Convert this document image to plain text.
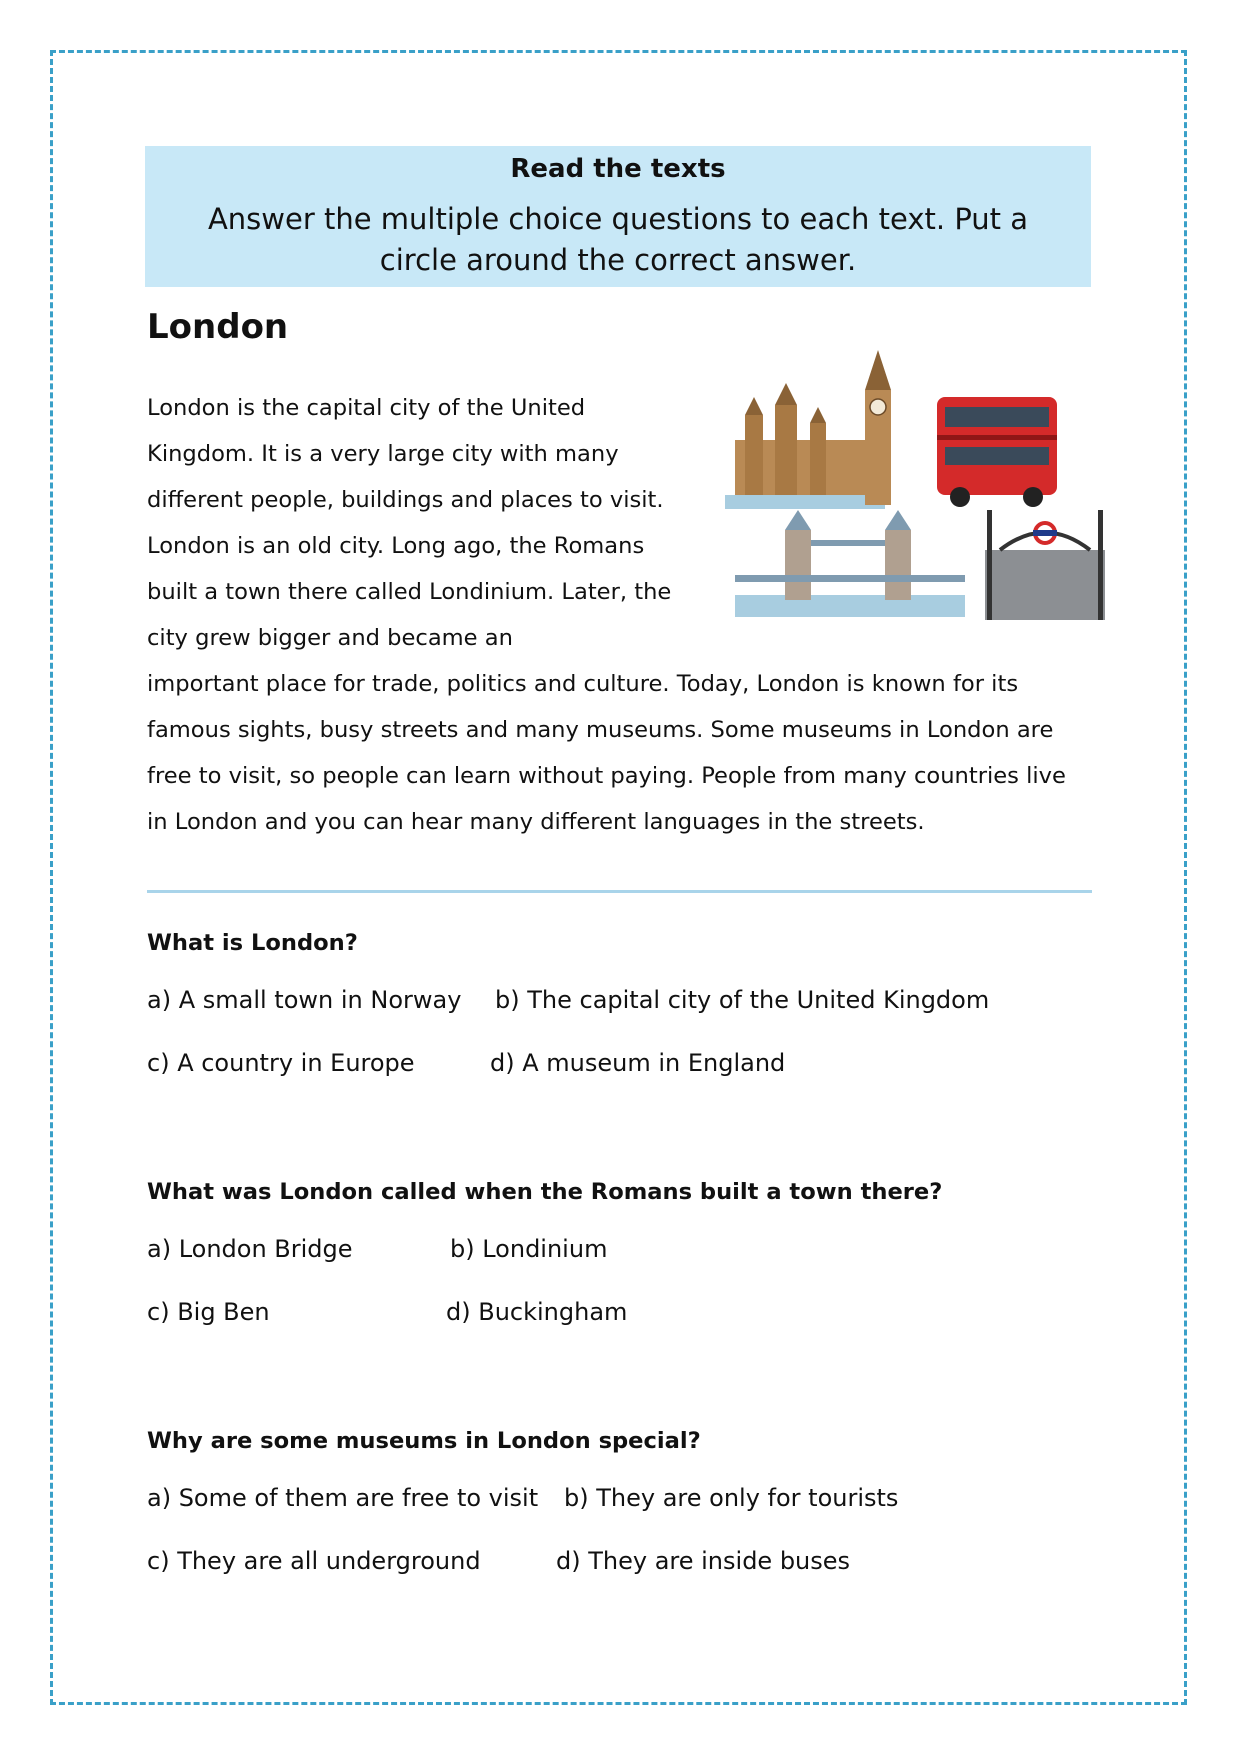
Read the texts

Answer the multiple choice questions to each text. Put a circle around the correct answer.

London

London is the capital city of the United Kingdom. It is a very large city with many different people, buildings and places to visit. London is an old city. Long ago, the Romans built a town there called Londinium. Later, the city grew bigger and became an
important place for trade, politics and culture. Today, London is known for its famous sights, busy streets and many museums. Some museums in London are free to visit, so people can learn without paying. People from many countries live in London and you can hear many different languages in the streets.

What is London?

a) A small town in Norway b) The capital city of the United Kingdom

c) A country in Europe	d) A museum in England

What was London called when the Romans built a town there?

a) London Bridge	b) Londinium

c) Big Ben	d) Buckingham

Why are some museums in London special?

a) Some of them are free to visit b) They are only for tourists

c) They are all underground	d) They are inside buses
